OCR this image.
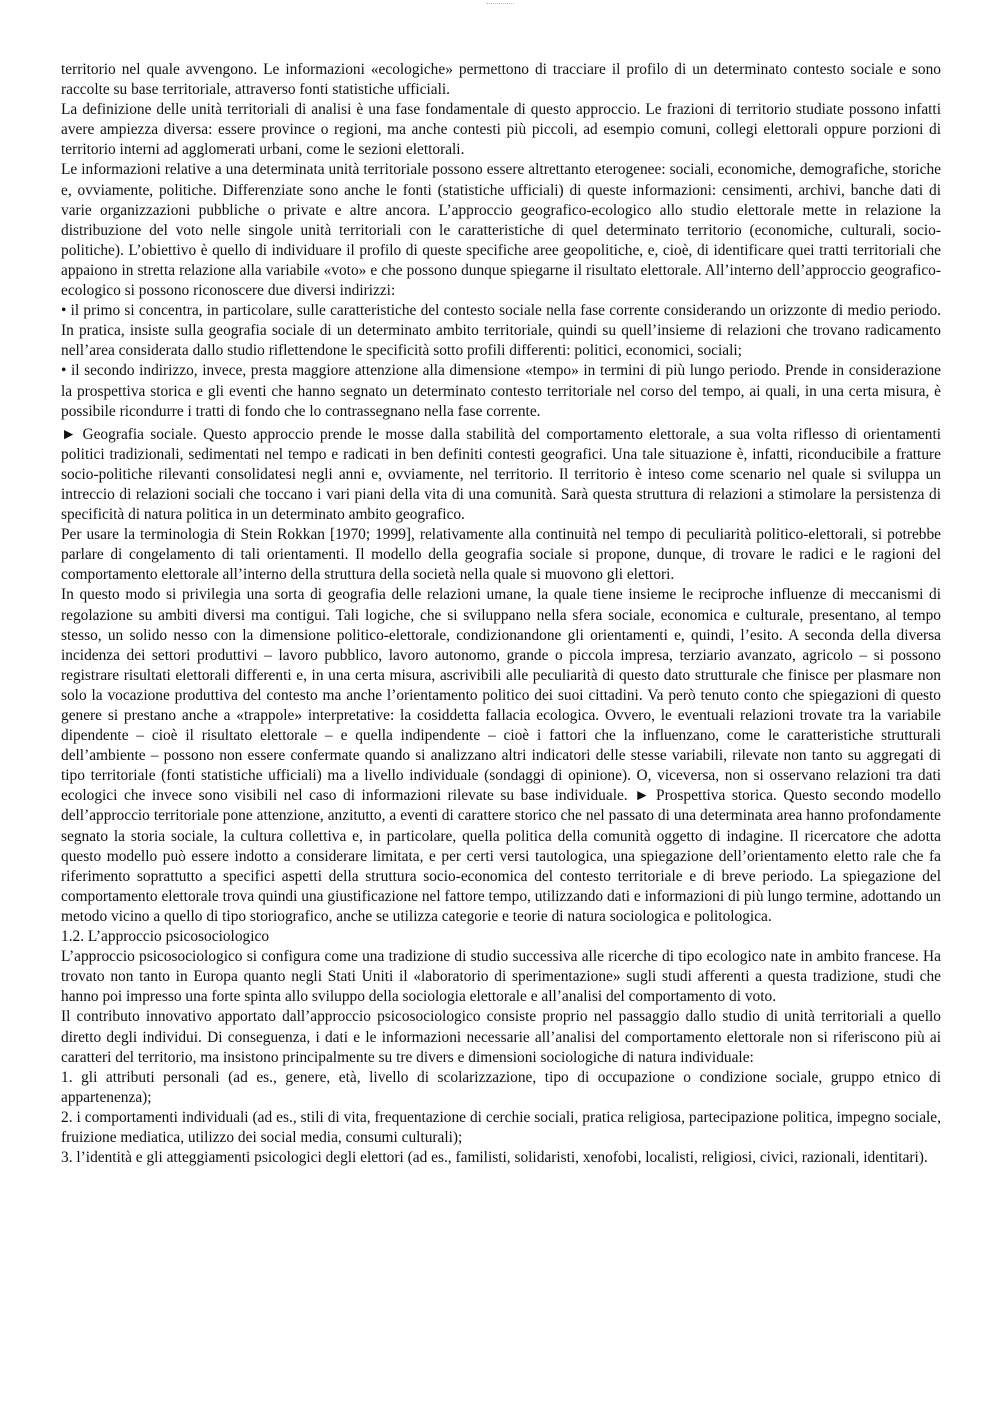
territorio nel quale avvengono. Le informazioni «ecologiche» permettono di tracciare il profilo di un determinato contesto sociale e sono raccolte su base territoriale, attraverso fonti statistiche ufficiali.

La definizione delle unità territoriali di analisi è una fase fondamentale di questo approccio. Le frazioni di territorio studiate possono infatti avere ampiezza diversa: essere province o regioni, ma anche contesti più piccoli, ad esempio comuni, collegi elettorali oppure porzioni di territorio interni ad agglomerati urbani, come le sezioni elettorali.

Le informazioni relative a una determinata unità territoriale possono essere altrettanto eterogenee: sociali, economiche, demografiche, storiche e, ovviamente, politiche. Differenziate sono anche le fonti (statistiche ufficiali) di queste informazioni: censimenti, archivi, banche dati di varie organizzazioni pubbliche o private e altre ancora. L’approccio geografico-ecologico allo studio elettorale mette in relazione la distribuzione del voto nelle singole unità territoriali con le caratteristiche di quel determinato territorio (economiche, culturali, socio-politiche). L’obiettivo è quello di individuare il profilo di queste specifiche aree geopolitiche, e, cioè, di identificare quei tratti territoriali che appaiono in stretta relazione alla variabile «voto» e che possono dunque spiegarne il risultato elettorale. All’interno dell’approccio geografico-ecologico si possono riconoscere due diversi indirizzi:

• il primo si concentra, in particolare, sulle caratteristiche del contesto sociale nella fase corrente considerando un orizzonte di medio periodo. In pratica, insiste sulla geografia sociale di un determinato ambito territoriale, quindi su quell’insieme di relazioni che trovano radicamento nell’area considerata dallo studio riflettendone le specificità sotto profili differenti: politici, economici, sociali;

• il secondo indirizzo, invece, presta maggiore attenzione alla dimensione «tempo» in termini di più lungo periodo. Prende in considerazione la prospettiva storica e gli eventi che hanno segnato un determinato contesto territoriale nel corso del tempo, ai quali, in una certa misura, è possibile ricondurre i tratti di fondo che lo contrassegnano nella fase corrente.

► Geografia sociale. Questo approccio prende le mosse dalla stabilità del comportamento elettorale, a sua volta riflesso di orientamenti politici tradizionali, sedimentati nel tempo e radicati in ben definiti contesti geografici. Una tale situazione è, infatti, riconducibile a fratture socio-politiche rilevanti consolidatesi negli anni e, ovviamente, nel territorio. Il territorio è inteso come scenario nel quale si sviluppa un intreccio di relazioni sociali che toccano i vari piani della vita di una comunità. Sarà questa struttura di relazioni a stimolare la persistenza di specificità di natura politica in un determinato ambito geografico.

Per usare la terminologia di Stein Rokkan [1970; 1999], relativamente alla continuità nel tempo di peculiarità politico-elettorali, si potrebbe parlare di congelamento di tali orientamenti. Il modello della geografia sociale si propone, dunque, di trovare le radici e le ragioni del comportamento elettorale all’interno della struttura della società nella quale si muovono gli elettori.

In questo modo si privilegia una sorta di geografia delle relazioni umane, la quale tiene insieme le reciproche influenze di meccanismi di regolazione su ambiti diversi ma contigui. Tali logiche, che si sviluppano nella sfera sociale, economica e culturale, presentano, al tempo stesso, un solido nesso con la dimensione politico-elettorale, condizionandone gli orientamenti e, quindi, l’esito. A seconda della diversa incidenza dei settori produttivi – lavoro pubblico, lavoro autonomo, grande o piccola impresa, terziario avanzato, agricolo – si possono registrare risultati elettorali differenti e, in una certa misura, ascrivibili alle peculiarità di questo dato strutturale che finisce per plasmare non solo la vocazione produttiva del contesto ma anche l’orientamento politico dei suoi cittadini. Va però tenuto conto che spiegazioni di questo genere si prestano anche a «trappole» interpretative: la cosiddetta fallacia ecologica. Ovvero, le eventuali relazioni trovate tra la variabile dipendente – cioè il risultato elettorale – e quella indipendente – cioè i fattori che la influenzano, come le caratteristiche strutturali dell’ambiente – possono non essere confermate quando si analizzano altri indicatori delle stesse variabili, rilevate non tanto su aggregati di tipo territoriale (fonti statistiche ufficiali) ma a livello individuale (sondaggi di opinione). O, viceversa, non si osservano relazioni tra dati ecologici che invece sono visibili nel caso di informazioni rilevate su base individuale. ► Prospettiva storica. Questo secondo modello dell’approccio territoriale pone attenzione, anzitutto, a eventi di carattere storico che nel passato di una determinata area hanno profondamente segnato la storia sociale, la cultura collettiva e, in particolare, quella politica della comunità oggetto di indagine. Il ricercatore che adotta questo modello può essere indotto a considerare limitata, e per certi versi tautologica, una spiegazione dell’orientamento eletto rale che fa riferimento soprattutto a specifici aspetti della struttura socio-economica del contesto territoriale e di breve periodo. La spiegazione del comportamento elettorale trova quindi una giustificazione nel fattore tempo, utilizzando dati e informazioni di più lungo termine, adottando un metodo vicino a quello di tipo storiografico, anche se utilizza categorie e teorie di natura sociologica e politologica.

1.2. L’approccio psicosociologico

L’approccio psicosociologico si configura come una tradizione di studio successiva alle ricerche di tipo ecologico nate in ambito francese. Ha trovato non tanto in Europa quanto negli Stati Uniti il «laboratorio di sperimentazione» sugli studi afferenti a questa tradizione, studi che hanno poi impresso una forte spinta allo sviluppo della sociologia elettorale e all’analisi del comportamento di voto.

Il contributo innovativo apportato dall’approccio psicosociologico consiste proprio nel passaggio dallo studio di unità territoriali a quello diretto degli individui. Di conseguenza, i dati e le informazioni necessarie all’analisi del comportamento elettorale non si riferiscono più ai caratteri del territorio, ma insistono principalmente su tre divers e dimensioni sociologiche di natura individuale:

1. gli attributi personali (ad es., genere, età, livello di scolarizzazione, tipo di occupazione o condizione sociale, gruppo etnico di appartenenza);

2. i comportamenti individuali (ad es., stili di vita, frequentazione di cerchie sociali, pratica religiosa, partecipazione politica, impegno sociale, fruizione mediatica, utilizzo dei social media, consumi culturali);

3. l’identità e gli atteggiamenti psicologici degli elettori (ad es., familisti, solidaristi, xenofobi, localisti, religiosi, civici, razionali, identitari).
